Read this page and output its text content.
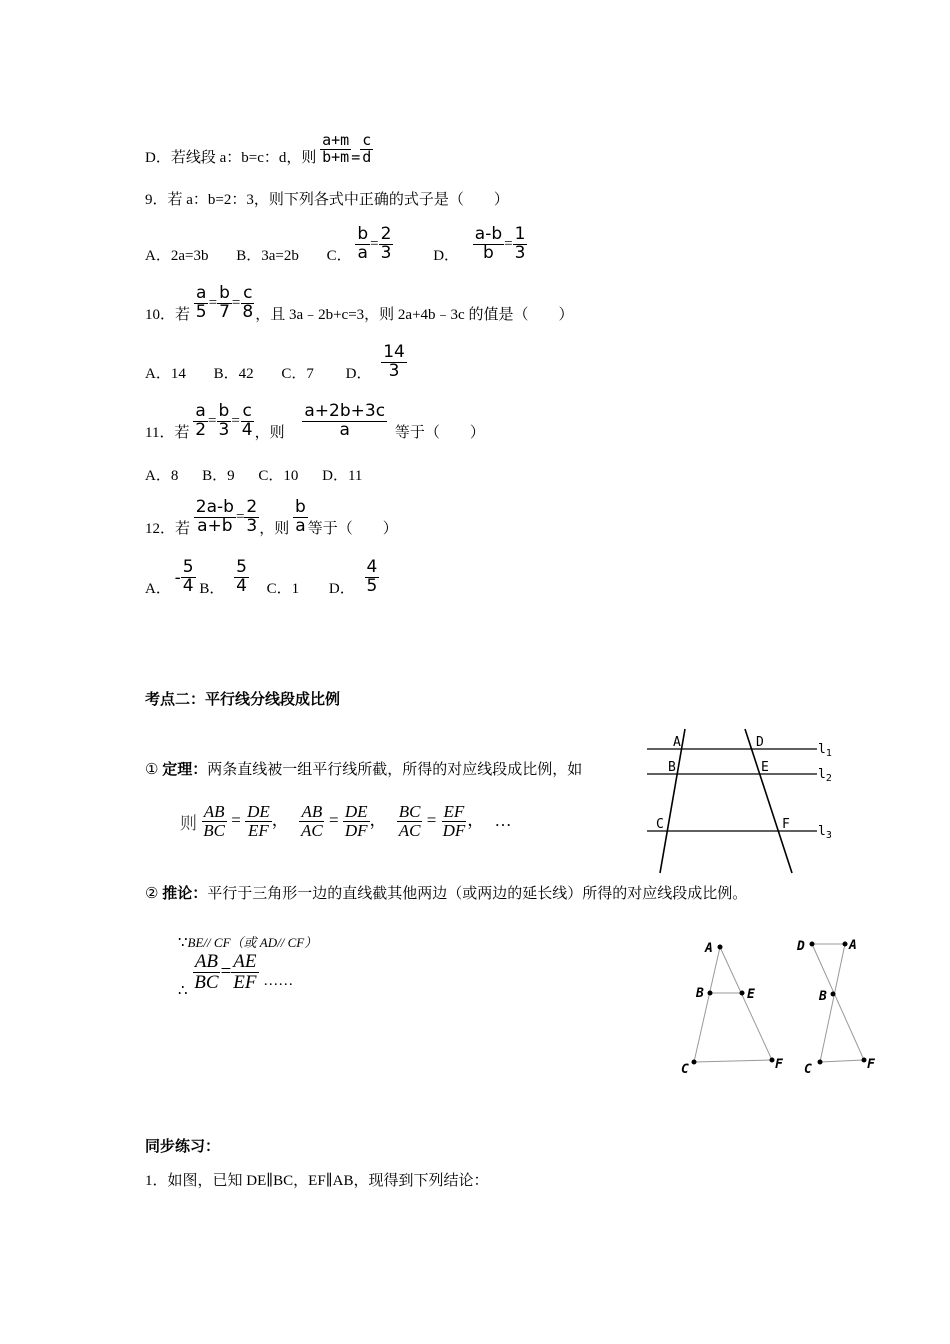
D．若线段 a：b=c：d，则 $\frac{a+m}{b+m} = \frac{c}{d}$
9．若 a：b=2：3，则下列各式中正确的式子是（　　）
A．2a=3b B．3a=2b C． $\frac{b}{a} = \frac{2}{3}$	D． $\frac{a-b}{b} = \frac{1}{3}$
10．若 $\frac{a}{5} = \frac{b}{7} = \frac{c}{8}$ ，且 3a﹣2b+c=3，则 2a+4b﹣3c 的值是（　　）
A．14 B．42 C．7 D． $\frac{14}{3}$
11．若 $\frac{a}{2} = \frac{b}{3} = \frac{c}{4}$ ，则 $\frac{a+2b+3c}{a}$ 等于（　　）
A．8 B．9 C．10 D．11
12．若 $\frac{2a-b}{a+b} = \frac{2}{3}$ ，则 $\frac{b}{a}$ 等于（　　）
A． - $\frac{5}{4}$ B． $\frac{5}{4}$ C．1 D． $\frac{4}{5}$
考点二：平行线分线段成比例
① 定理：两条直线被一组平行线所截，所得的对应线段成比例，如
则 $\frac{AB}{BC} = \frac{DE}{EF}$ ， $\frac{AB}{AC} = \frac{DE}{DF}$ ， $\frac{BC}{AC} = \frac{EF}{DF}$ ， …
A	D
B	E
C	F
$l_1$
$l_2$
$l_3$
② 推论：平行于三角形一边的直线截其他两边（或两边的延长线）所得的对应线段成比例。
∵BE// CF（或 AD// CF）
$_\therefore \frac{AB}{BC} = \frac{AE}{EF} _{\dots\dots}$
A
B	E
C	F
D	A
B
C	F
同步练习：
1．如图，已知 DE∥BC，EF∥AB，现得到下列结论：
